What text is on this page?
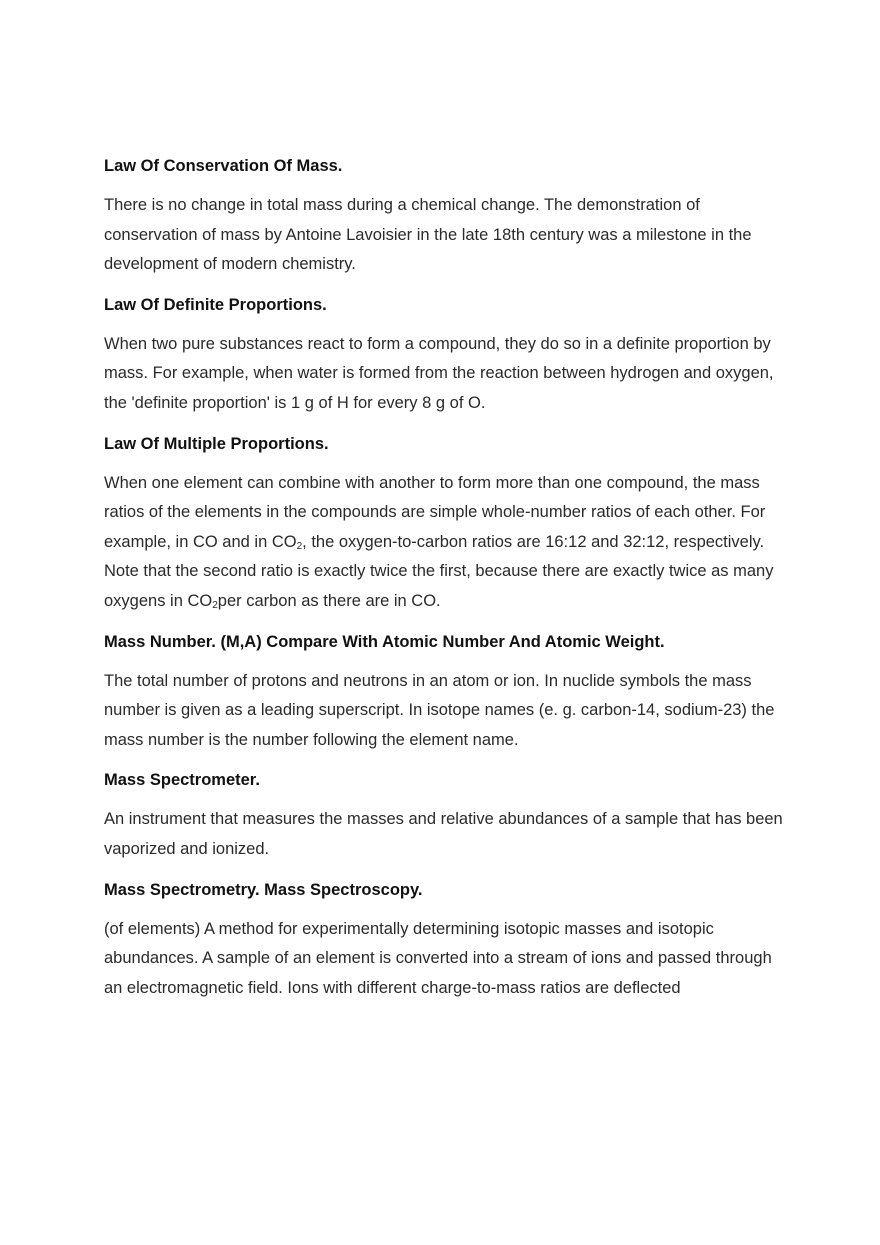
Law Of Conservation Of Mass.

There is no change in total mass during a chemical change. The demonstration of conservation of mass by Antoine Lavoisier in the late 18th century was a milestone in the development of modern chemistry.

Law Of Definite Proportions.

When two pure substances react to form a compound, they do so in a definite proportion by mass. For example, when water is formed from the reaction between hydrogen and oxygen, the 'definite proportion' is 1 g of H for every 8 g of O.

Law Of Multiple Proportions.

When one element can combine with another to form more than one compound, the mass ratios of the elements in the compounds are simple whole-number ratios of each other. For example, in CO and in $CO_2$, the oxygen-to-carbon ratios are 16:12 and 32:12, respectively. Note that the second ratio is exactly twice the first, because there are exactly twice as many oxygens in $CO_2per$ carbon as there are in CO.

Mass Number. (M,A) Compare With Atomic Number And Atomic Weight.

The total number of protons and neutrons in an atom or ion. In nuclide symbols the mass number is given as a leading superscript. In isotope names (e. g. carbon-14, sodium-23) the mass number is the number following the element name.

Mass Spectrometer.

An instrument that measures the masses and relative abundances of a sample that has been vaporized and ionized.

Mass Spectrometry. Mass Spectroscopy.

(of elements) A method for experimentally determining isotopic masses and isotopic abundances. A sample of an element is converted into a stream of ions and passed through an electromagnetic field. Ions with different charge-to-mass ratios are deflected
